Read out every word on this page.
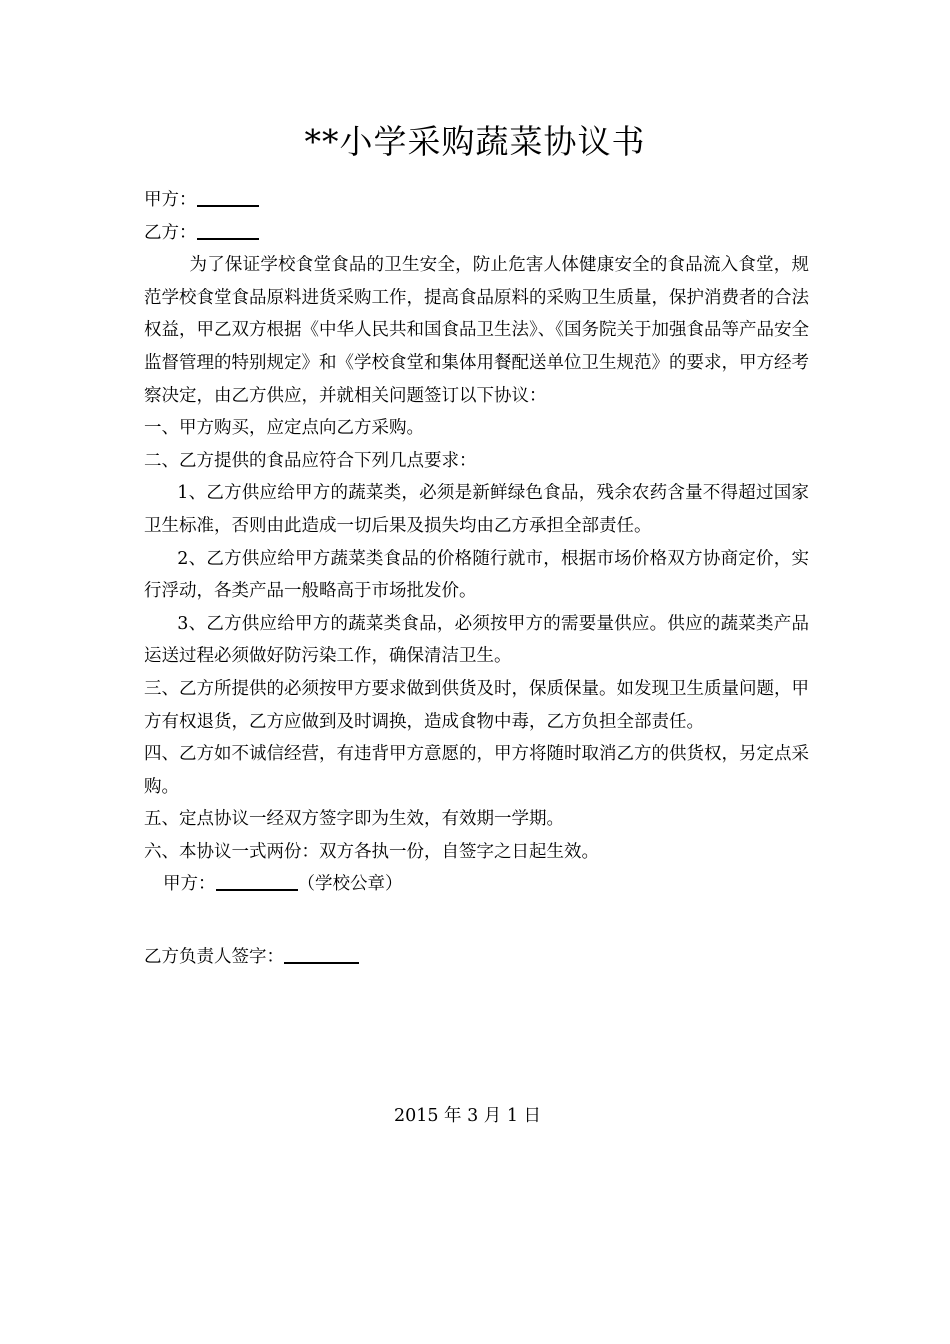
**小学采购蔬菜协议书

甲方：

乙方：

为了保证学校食堂食品的卫生安全，防止危害人体健康安全的食品流入食堂，规范学校食堂食品原料进货采购工作，提高食品原料的采购卫生质量，保护消费者的合法权益，甲乙双方根据《中华人民共和国食品卫生法》、《国务院关于加强食品等产品安全监督管理的特别规定》和《学校食堂和集体用餐配送单位卫生规范》的要求，甲方经考察决定，由乙方供应，并就相关问题签订以下协议：

一、甲方购买，应定点向乙方采购。

二、乙方提供的食品应符合下列几点要求：

1、乙方供应给甲方的蔬菜类，必须是新鲜绿色食品，残余农药含量不得超过国家卫生标准，否则由此造成一切后果及损失均由乙方承担全部责任。

2、乙方供应给甲方蔬菜类食品的价格随行就市，根据市场价格双方协商定价，实行浮动，各类产品一般略高于市场批发价。

3、乙方供应给甲方的蔬菜类食品，必须按甲方的需要量供应。供应的蔬菜类产品运送过程必须做好防污染工作，确保清洁卫生。

三、乙方所提供的必须按甲方要求做到供货及时，保质保量。如发现卫生质量问题，甲方有权退货，乙方应做到及时调换，造成食物中毒，乙方负担全部责任。

四、乙方如不诚信经营，有违背甲方意愿的，甲方将随时取消乙方的供货权，另定点采购。

五、定点协议一经双方签字即为生效，有效期一学期。

六、本协议一式两份：双方各执一份，自签字之日起生效。

甲方：	（学校公章）

乙方负责人签字：

2015 年 3 月 1 日
